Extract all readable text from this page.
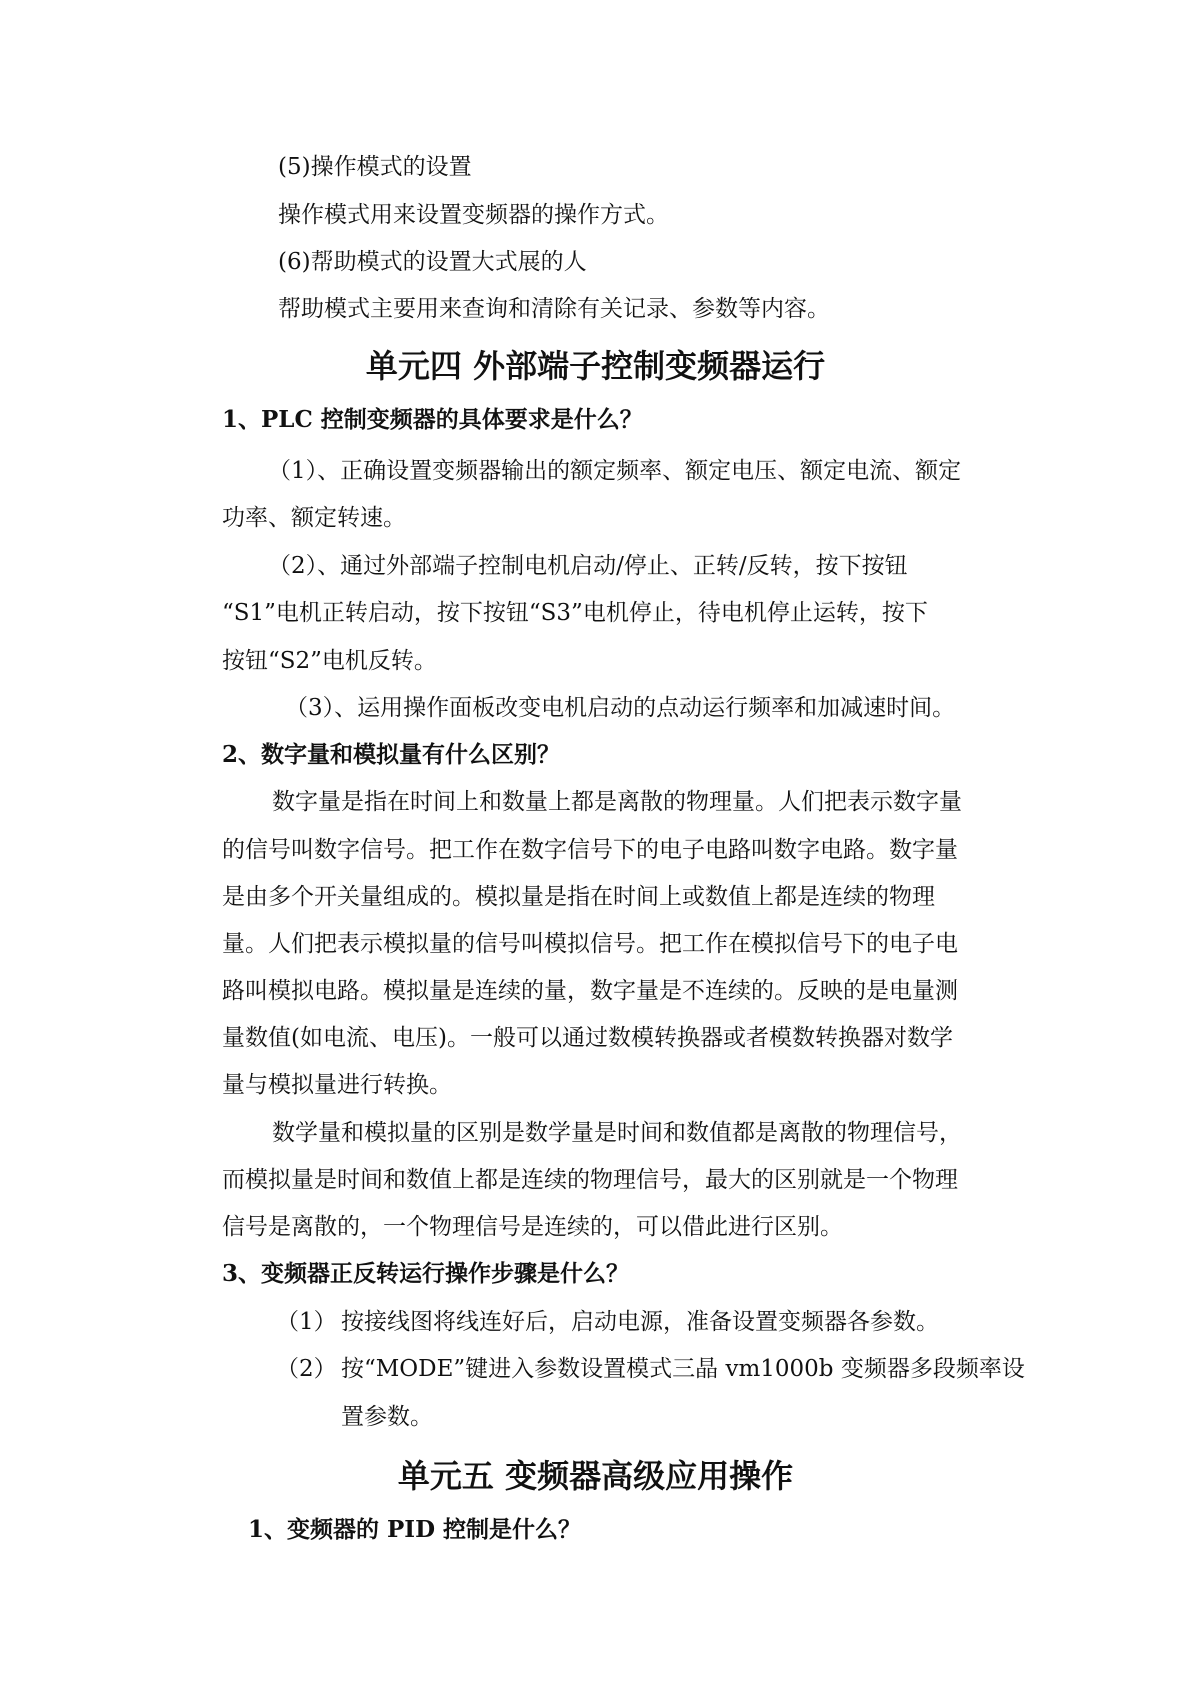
(5)操作模式的设置
操作模式用来设置变频器的操作方式。
(6)帮助模式的设置大式展的人
帮助模式主要用来查询和清除有关记录、参数等内容。
单元四 外部端子控制变频器运行
1、PLC 控制变频器的具体要求是什么？
（1）、正确设置变频器输出的额定频率、额定电压、额定电流、额定
功率、额定转速。
（2）、通过外部端子控制电机启动/停止、正转/反转，按下按钮
“S1”电机正转启动，按下按钮“S3”电机停止，待电机停止运转，按下
按钮“S2”电机反转。
（3）、运用操作面板改变电机启动的点动运行频率和加减速时间。
2、数字量和模拟量有什么区别？
数字量是指在时间上和数量上都是离散的物理量。人们把表示数字量
的信号叫数字信号。把工作在数字信号下的电子电路叫数字电路。数字量
是由多个开关量组成的。模拟量是指在时间上或数值上都是连续的物理
量。人们把表示模拟量的信号叫模拟信号。把工作在模拟信号下的电子电
路叫模拟电路。模拟量是连续的量，数字量是不连续的。反映的是电量测
量数值(如电流、电压)。一般可以通过数模转换器或者模数转换器对数学
量与模拟量进行转换。
数学量和模拟量的区别是数学量是时间和数值都是离散的物理信号，
而模拟量是时间和数值上都是连续的物理信号，最大的区别就是一个物理
信号是离散的，一个物理信号是连续的，可以借此进行区别。
3、变频器正反转运行操作步骤是什么？
（1） 按接线图将线连好后，启动电源，准备设置变频器各参数。
（2） 按“MODE”键进入参数设置模式三晶 vm1000b 变频器多段频率设
置参数。
单元五 变频器高级应用操作
1、变频器的 PID 控制是什么？
